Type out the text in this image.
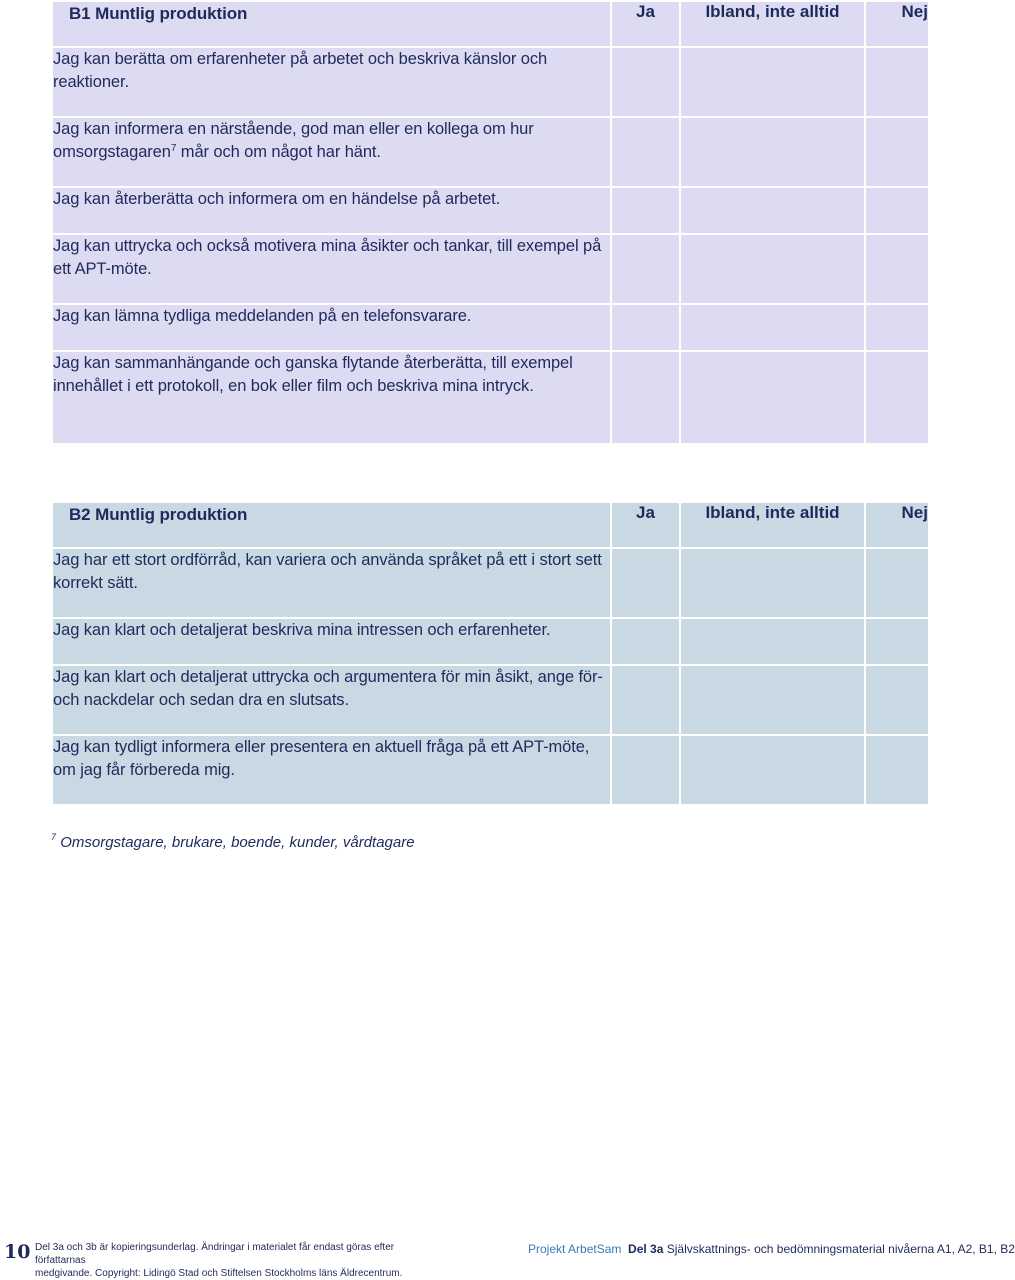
B1 Muntlig produktion	Ja	Ibland, inte alltid	Nej
Jag kan berätta om erfarenheter på arbetet och beskriva känslor och reaktioner.			
Jag kan informera en närstående, god man eller en kollega om hur omsorgstagaren$^7$ mår och om något har hänt.			
Jag kan återberätta och informera om en händelse på arbetet.			
Jag kan uttrycka och också motivera mina åsikter och tankar, till exempel på ett APT-möte.			
Jag kan lämna tydliga meddelanden på en telefonsvarare.			
Jag kan sammanhängande och ganska flytande återberätta, till exempel innehållet i ett protokoll, en bok eller film och beskriva mina intryck.			
B2 Muntlig produktion	Ja	Ibland, inte alltid	Nej
Jag har ett stort ordförråd, kan variera och använda språket på ett i stort sett korrekt sätt.			
Jag kan klart och detaljerat beskriva mina intressen och erfarenheter.			
Jag kan klart och detaljerat uttrycka och argumentera för min åsikt, ange för- och nackdelar och sedan dra en slutsats.			
Jag kan tydligt informera eller presentera en aktuell fråga på ett APT-möte, om jag får förbereda mig.			
$^7$ Omsorgstagare, brukare, boende, kunder, vårdtagare
10 Del 3a och 3b är kopieringsunderlag. Ändringar i materialet får endast göras efter författarnas
medgivande. Copyright: Lidingö Stad och Stiftelsen Stockholms läns Äldrecentrum.
Projekt ArbetSam Del 3a Självskattnings- och bedömningsmaterial nivåerna A1, A2, B1, B2
